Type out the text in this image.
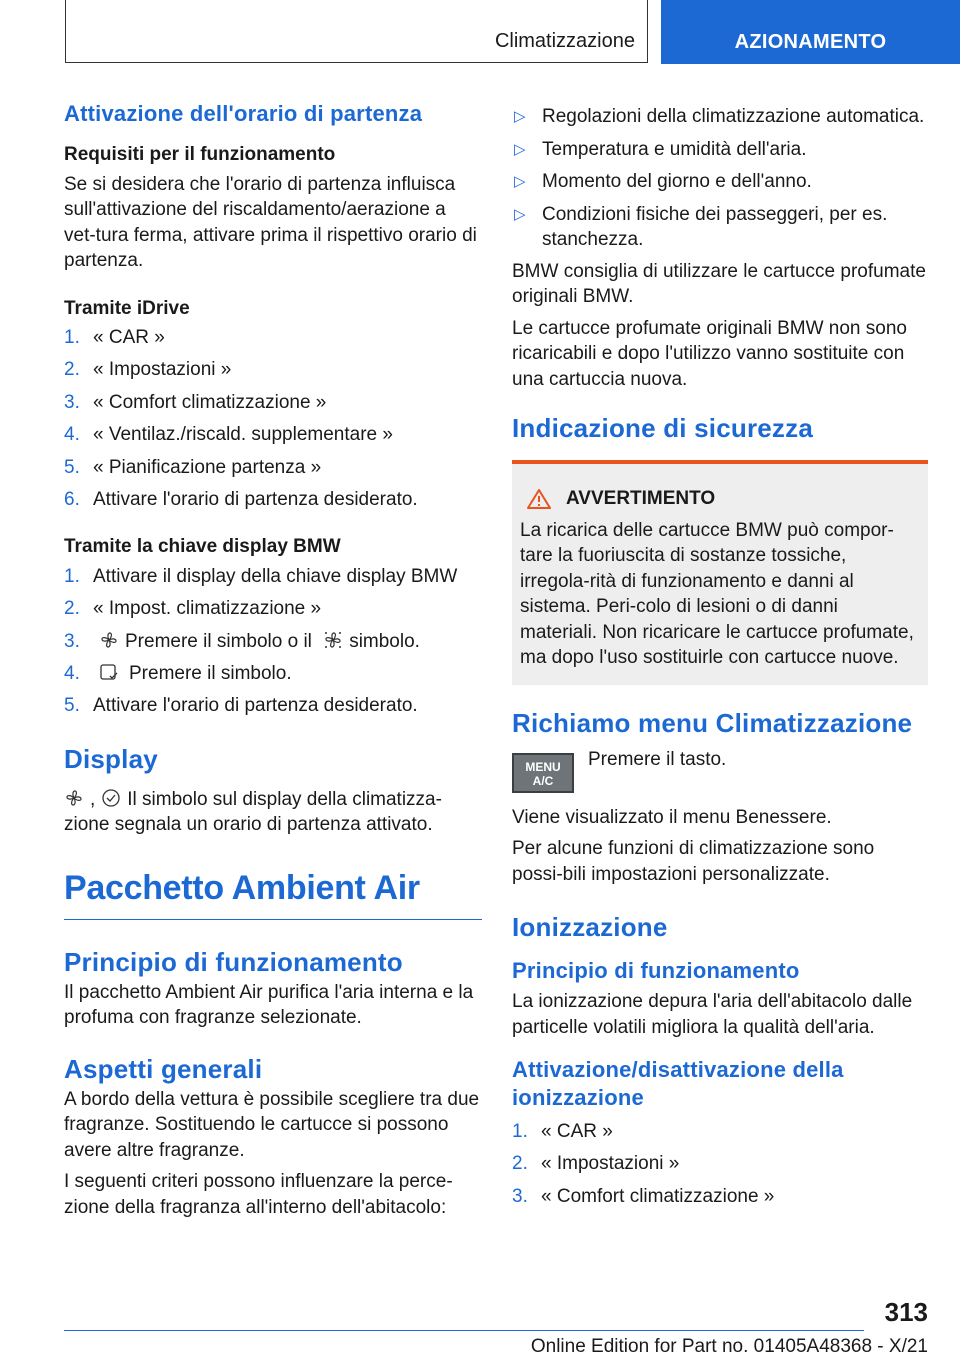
Climatizzazione	AZIONAMENTO
Attivazione dell'orario di partenza

Requisiti per il funzionamento

Se si desidera che l'orario di partenza influisca sull'attivazione del riscaldamento/aerazione a vet-tura ferma, attivare prima il rispettivo orario di partenza.

Tramite iDrive

1. « CAR »
2. « Impostazioni »
3. « Comfort climatizzazione »
4. « Ventilaz./riscald. supplementare »
5. « Pianificazione partenza »
6. Attivare l'orario di partenza desiderato.

Tramite la chiave display BMW

1. Attivare il display della chiave display BMW
2. « Impost. climatizzazione »
3. Premere il simbolo o il simbolo.
4.	Premere il simbolo.
5. Attivare l'orario di partenza desiderato.
Display

, Il simbolo sul display della climatizza-
zione segnala un orario di partenza attivato.

Pacchetto Ambient Air
Principio di funzionamento

Il pacchetto Ambient Air purifica l'aria interna e la profuma con fragranze selezionate.

Aspetti generali

A bordo della vettura è possibile scegliere tra due fragranze. Sostituendo le cartucce si possono avere altre fragranze.

I seguenti criteri possono influenzare la perce-zione della fragranza all'interno dell'abitacolo:

▷ Regolazioni della climatizzazione automatica.
▷ Temperatura e umidità dell'aria.
▷ Momento del giorno e dell'anno.
▷ Condizioni fisiche dei passeggeri, per es. stanchezza.

BMW consiglia di utilizzare le cartucce profumate originali BMW.

Le cartucce profumate originali BMW non sono ricaricabili e dopo l'utilizzo vanno sostituite con una cartuccia nuova.

Indicazione di sicurezza
AVVERTIMENTO

La ricarica delle cartucce BMW può compor-tare la fuoriuscita di sostanze tossiche, irregola-rità di funzionamento e danni al sistema. Peri-colo di lesioni o di danni materiali. Non ricaricare le cartucce profumate, ma dopo l'uso sostituirle con cartucce nuove.

Richiamo menu Climatizzazione
MENU
A/C

Premere il tasto.

Viene visualizzato il menu Benessere.

Per alcune funzioni di climatizzazione sono possi-bili impostazioni personalizzate.

Ionizzazione
Principio di funzionamento

La ionizzazione depura l'aria dell'abitacolo dalle particelle volatili migliora la qualità dell'aria.

Attivazione/disattivazione della ionizzazione
1. « CAR »
2. « Impostazioni »
3. « Comfort climatizzazione »
313
Online Edition for Part no. 01405A48368 - X/21
